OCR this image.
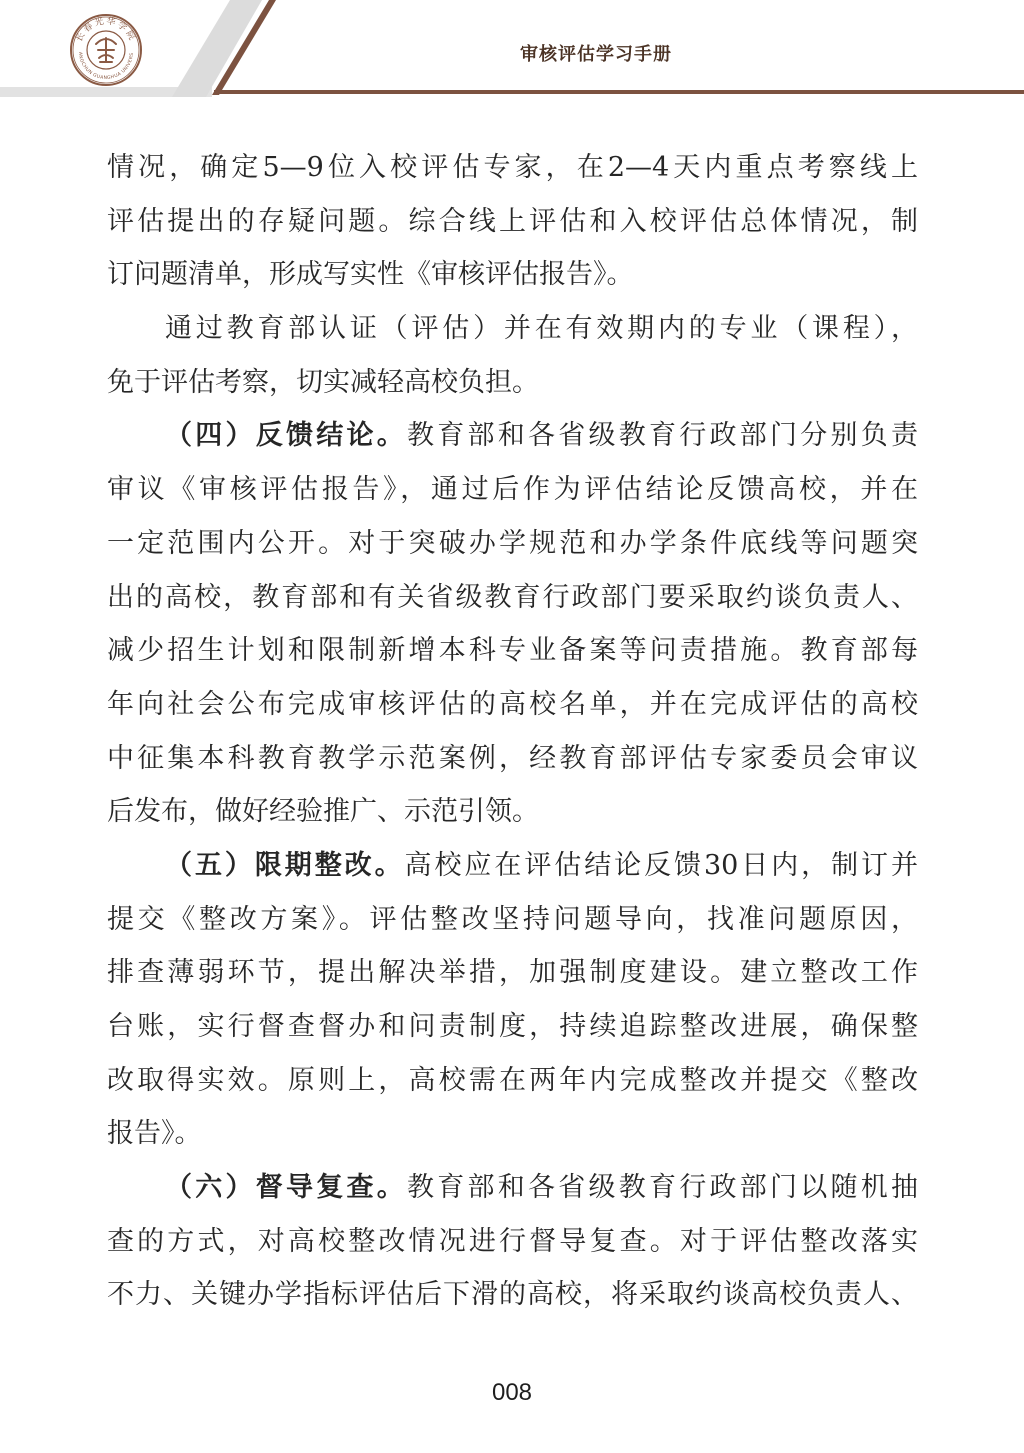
长春光华学院
ANGCHUN GUANGHUA UNIVERS	审核评估学习手册
情况，确定5—9位入校评估专家，在2—4天内重点考察线上
评估提出的存疑问题。综合线上评估和入校评估总体情况，制
订问题清单，形成写实性《审核评估报告》。
通过教育部认证（评估）并在有效期内的专业（课程），
免于评估考察，切实减轻高校负担。
（四）反馈结论。教育部和各省级教育行政部门分别负责
审议《审核评估报告》，通过后作为评估结论反馈高校，并在
一定范围内公开。对于突破办学规范和办学条件底线等问题突
出的高校，教育部和有关省级教育行政部门要采取约谈负责人、
减少招生计划和限制新增本科专业备案等问责措施。教育部每
年向社会公布完成审核评估的高校名单，并在完成评估的高校
中征集本科教育教学示范案例，经教育部评估专家委员会审议
后发布，做好经验推广、示范引领。
（五）限期整改。高校应在评估结论反馈30日内，制订并
提交《整改方案》。评估整改坚持问题导向，找准问题原因，
排查薄弱环节，提出解决举措，加强制度建设。建立整改工作
台账，实行督查督办和问责制度，持续追踪整改进展，确保整
改取得实效。原则上，高校需在两年内完成整改并提交《整改
报告》。
（六）督导复查。教育部和各省级教育行政部门以随机抽
查的方式，对高校整改情况进行督导复查。对于评估整改落实
不力、关键办学指标评估后下滑的高校，将采取约谈高校负责人、
008
